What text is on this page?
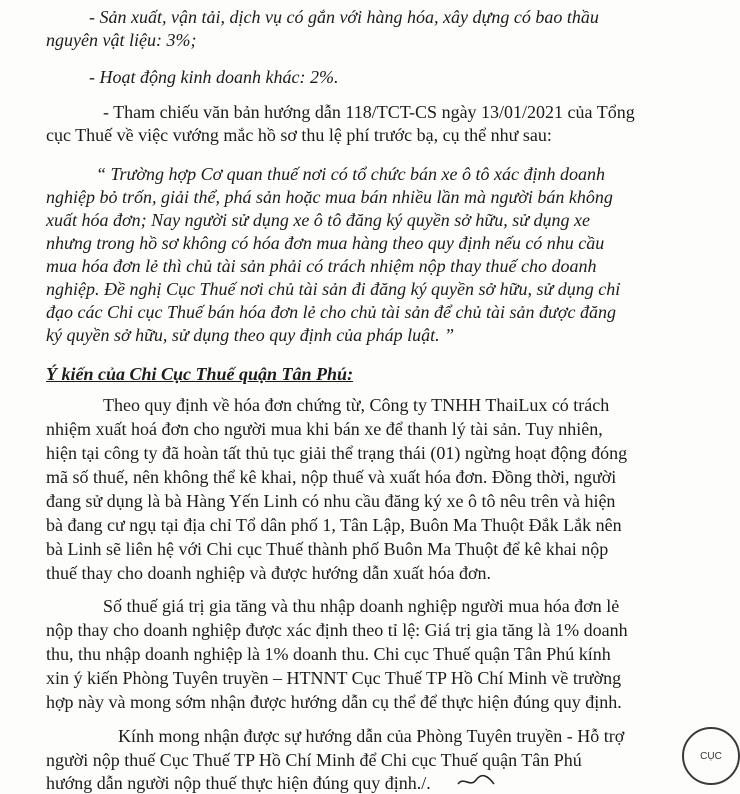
- Sản xuất, vận tải, dịch vụ có gắn với hàng hóa, xây dựng có bao thầu
nguyên vật liệu: 3%;
- Hoạt động kinh doanh khác: 2%.
- Tham chiếu văn bản hướng dẫn 118/TCT-CS ngày 13/01/2021 của Tổng
cục Thuế về việc vướng mắc hồ sơ thu lệ phí trước bạ, cụ thể như sau:
“ Trường hợp Cơ quan thuế nơi có tổ chức bán xe ô tô xác định doanh
nghiệp bỏ trốn, giải thể, phá sản hoặc mua bán nhiều lần mà người bán không
xuất hóa đơn; Nay người sử dụng xe ô tô đăng ký quyền sở hữu, sử dụng xe
nhưng trong hồ sơ không có hóa đơn mua hàng theo quy định nếu có nhu cầu
mua hóa đơn lẻ thì chủ tài sản phải có trách nhiệm nộp thay thuế cho doanh
nghiệp. Đề nghị Cục Thuế nơi chủ tài sản đi đăng ký quyền sở hữu, sử dụng chỉ
đạo các Chi cục Thuế bán hóa đơn lẻ cho chủ tài sản để chủ tài sản được đăng
ký quyền sở hữu, sử dụng theo quy định của pháp luật. ”
Ý kiến của Chi Cục Thuế quận Tân Phú:
Theo quy định về hóa đơn chứng từ, Công ty TNHH ThaiLux có trách
nhiệm xuất hoá đơn cho người mua khi bán xe để thanh lý tài sản. Tuy nhiên,
hiện tại công ty đã hoàn tất thủ tục giải thể trạng thái (01) ngừng hoạt động đóng
mã số thuế, nên không thể kê khai, nộp thuế và xuất hóa đơn. Đồng thời, người
đang sử dụng là bà Hàng Yến Linh có nhu cầu đăng ký xe ô tô nêu trên và hiện
bà đang cư ngụ tại địa chỉ Tổ dân phố 1, Tân Lập, Buôn Ma Thuột Đắk Lắk nên
bà Linh sẽ liên hệ với Chi cục Thuế thành phố Buôn Ma Thuột để kê khai nộp
thuế thay cho doanh nghiệp và được hướng dẫn xuất hóa đơn.
Số thuế giá trị gia tăng và thu nhập doanh nghiệp người mua hóa đơn lẻ
nộp thay cho doanh nghiệp được xác định theo tỉ lệ: Giá trị gia tăng là 1% doanh
thu, thu nhập doanh nghiệp là 1% doanh thu. Chi cục Thuế quận Tân Phú kính
xin ý kiến Phòng Tuyên truyền – HTNNT Cục Thuế TP Hồ Chí Minh về trường
hợp này và mong sớm nhận được hướng dẫn cụ thể để thực hiện đúng quy định.
Kính mong nhận được sự hướng dẫn của Phòng Tuyên truyền - Hỗ trợ
người nộp thuế Cục Thuế TP Hồ Chí Minh để Chi cục Thuế quận Tân Phú
hướng dẫn người nộp thuế thực hiện đúng quy định./.
CỤC
